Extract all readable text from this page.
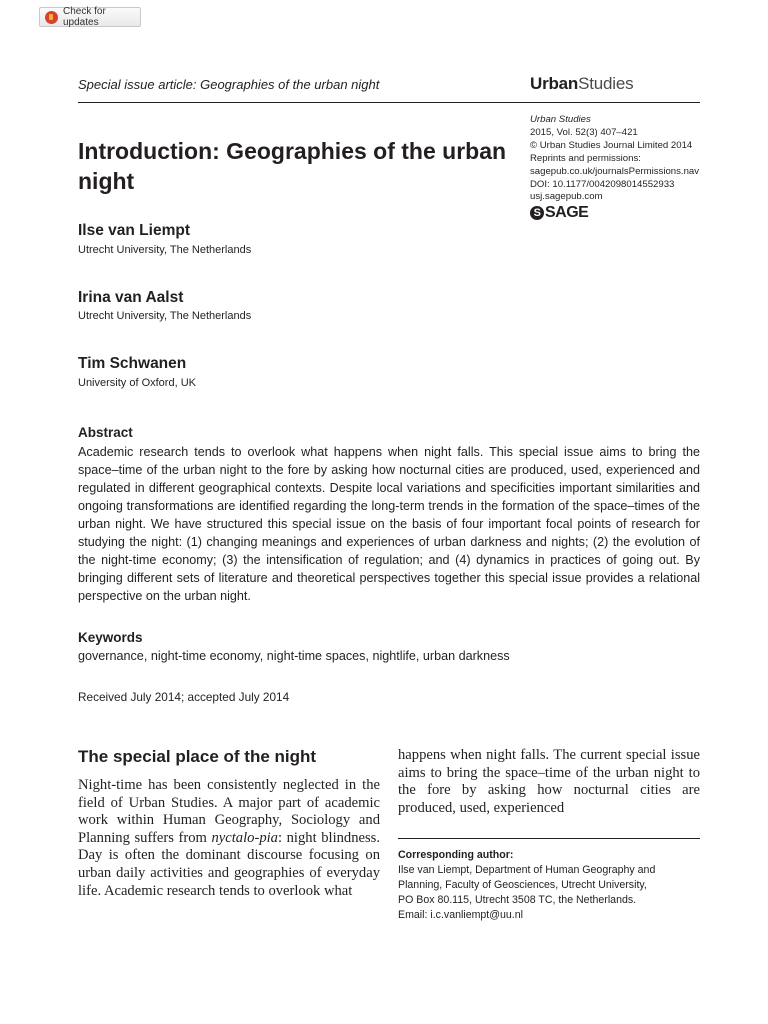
Check for updates
Special issue article: Geographies of the urban night	UrbanStudies
Urban Studies
2015, Vol. 52(3) 407–421
© Urban Studies Journal Limited 2014
Reprints and permissions:
sagepub.co.uk/journalsPermissions.nav
DOI: 10.1177/0042098014552933
usj.sagepub.com
S SAGE
Introduction: Geographies of the urban night
Ilse van Liempt
Utrecht University, The Netherlands
Irina van Aalst
Utrecht University, The Netherlands
Tim Schwanen
University of Oxford, UK
Abstract

Academic research tends to overlook what happens when night falls. This special issue aims to bring the space–time of the urban night to the fore by asking how nocturnal cities are produced, used, experienced and regulated in different geographical contexts. Despite local variations and specificities important similarities and ongoing transformations are identified regarding the long-term trends in the formation of the space–times of the urban night. We have structured this special issue on the basis of four important focal points of research for studying the night: (1) changing meanings and experiences of urban darkness and nights; (2) the evolution of the night-time economy; (3) the intensification of regulation; and (4) dynamics in practices of going out. By bringing different sets of literature and theoretical perspectives together this special issue provides a relational perspective on the urban night.

Keywords
governance, night-time economy, night-time spaces, nightlife, urban darkness
Received July 2014; accepted July 2014
The special place of the night

Night-time has been consistently neglected in the field of Urban Studies. A major part of academic work within Human Geography, Sociology and Planning suffers from nyctalo-pia: night blindness. Day is often the dominant discourse focusing on urban daily activities and geographies of everyday life. Academic research tends to overlook what

happens when night falls. The current special issue aims to bring the space–time of the urban night to the fore by asking how nocturnal cities are produced, used, experienced

Corresponding author:
Ilse van Liempt, Department of Human Geography and
Planning, Faculty of Geosciences, Utrecht University,
PO Box 80.115, Utrecht 3508 TC, the Netherlands.
Email: i.c.vanliempt@uu.nl
